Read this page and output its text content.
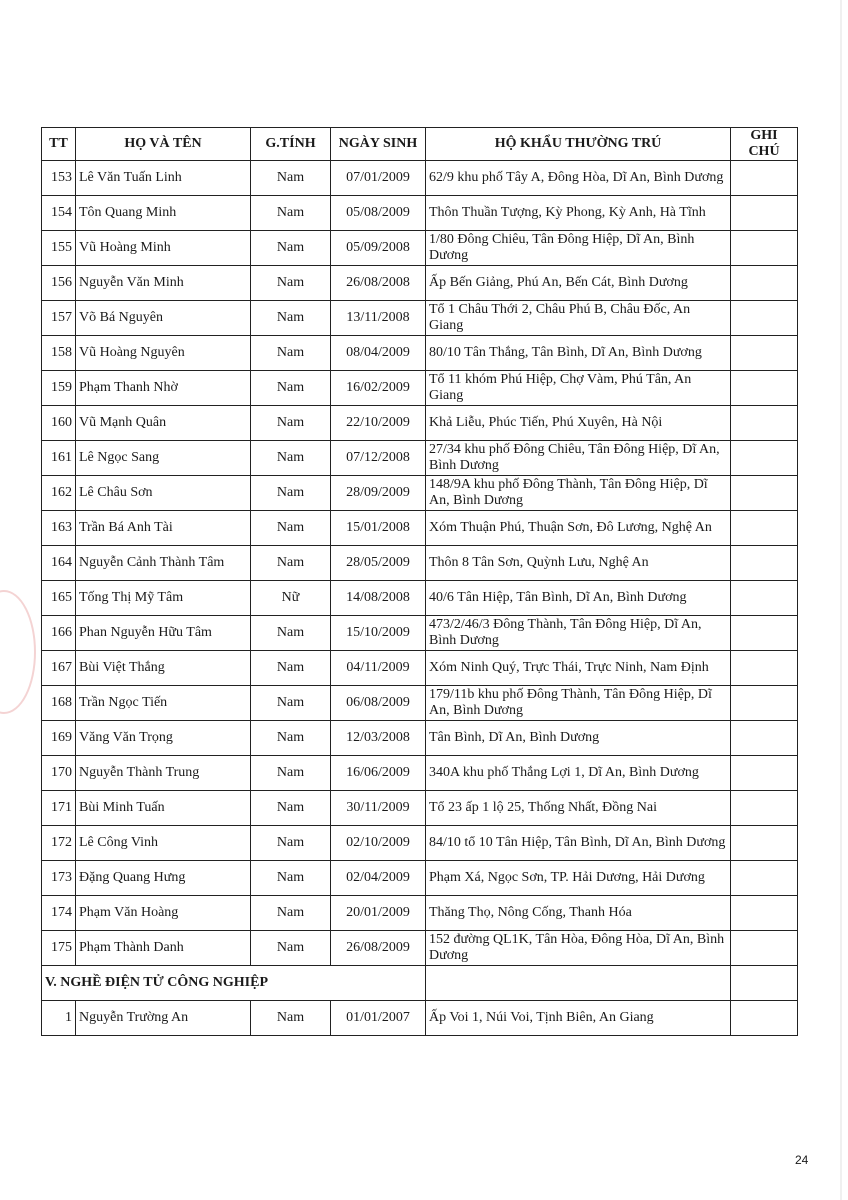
TT	HỌ VÀ TÊN	G.TÍNH	NGÀY SINH	HỘ KHẨU THƯỜNG TRÚ	GHI CHÚ
153	Lê Văn Tuấn Linh	Nam	07/01/2009	62/9 khu phố Tây A, Đông Hòa, Dĩ An, Bình Dương	
154	Tôn Quang Minh	Nam	05/08/2009	Thôn Thuần Tượng, Kỳ Phong, Kỳ Anh, Hà Tĩnh	
155	Vũ Hoàng Minh	Nam	05/09/2008	1/80 Đông Chiêu, Tân Đông Hiệp, Dĩ An, Bình Dương	
156	Nguyễn Văn Minh	Nam	26/08/2008	Ấp Bến Giảng, Phú An, Bến Cát, Bình Dương	
157	Võ Bá Nguyên	Nam	13/11/2008	Tổ 1 Châu Thới 2, Châu Phú B, Châu Đốc, An Giang	
158	Vũ Hoàng Nguyên	Nam	08/04/2009	80/10 Tân Thắng, Tân Bình, Dĩ An, Bình Dương	
159	Phạm Thanh Nhờ	Nam	16/02/2009	Tổ 11 khóm Phú Hiệp, Chợ Vàm, Phú Tân, An Giang	
160	Vũ Mạnh Quân	Nam	22/10/2009	Khả Liễu, Phúc Tiến, Phú Xuyên, Hà Nội	
161	Lê Ngọc Sang	Nam	07/12/2008	27/34 khu phố Đông Chiêu, Tân Đông Hiệp, Dĩ An, Bình Dương	
162	Lê Châu Sơn	Nam	28/09/2009	148/9A khu phố Đông Thành, Tân Đông Hiệp, Dĩ An, Bình Dương	
163	Trần Bá Anh Tài	Nam	15/01/2008	Xóm Thuận Phú, Thuận Sơn, Đô Lương, Nghệ An	
164	Nguyễn Cảnh Thành Tâm	Nam	28/05/2009	Thôn 8 Tân Sơn, Quỳnh Lưu, Nghệ An	
165	Tống Thị Mỹ Tâm	Nữ	14/08/2008	40/6 Tân Hiệp, Tân Bình, Dĩ An, Bình Dương	
166	Phan Nguyễn Hữu Tâm	Nam	15/10/2009	473/2/46/3 Đông Thành, Tân Đông Hiệp, Dĩ An, Bình Dương	
167	Bùi Việt Thắng	Nam	04/11/2009	Xóm Ninh Quý, Trực Thái, Trực Ninh, Nam Định	
168	Trần Ngọc Tiến	Nam	06/08/2009	179/11b khu phố Đông Thành, Tân Đông Hiệp, Dĩ An, Bình Dương	
169	Văng Văn Trọng	Nam	12/03/2008	Tân Bình, Dĩ An, Bình Dương	
170	Nguyễn Thành Trung	Nam	16/06/2009	340A khu phố Thắng Lợi 1, Dĩ An, Bình Dương	
171	Bùi Minh Tuấn	Nam	30/11/2009	Tổ 23 ấp 1 lộ 25, Thống Nhất, Đồng Nai	
172	Lê Công Vinh	Nam	02/10/2009	84/10 tổ 10 Tân Hiệp, Tân Bình, Dĩ An, Bình Dương	
173	Đặng Quang Hưng	Nam	02/04/2009	Phạm Xá, Ngọc Sơn, TP. Hải Dương, Hải Dương	
174	Phạm Văn Hoàng	Nam	20/01/2009	Thăng Thọ, Nông Cống, Thanh Hóa	
175	Phạm Thành Danh	Nam	26/08/2009	152 đường QL1K, Tân Hòa, Đông Hòa, Dĩ An, Bình Dương	
V. NGHỀ ĐIỆN TỬ CÔNG NGHIỆP					
1	Nguyễn Trường An	Nam	01/01/2007	Ấp Voi 1, Núi Voi, Tịnh Biên, An Giang	
24
